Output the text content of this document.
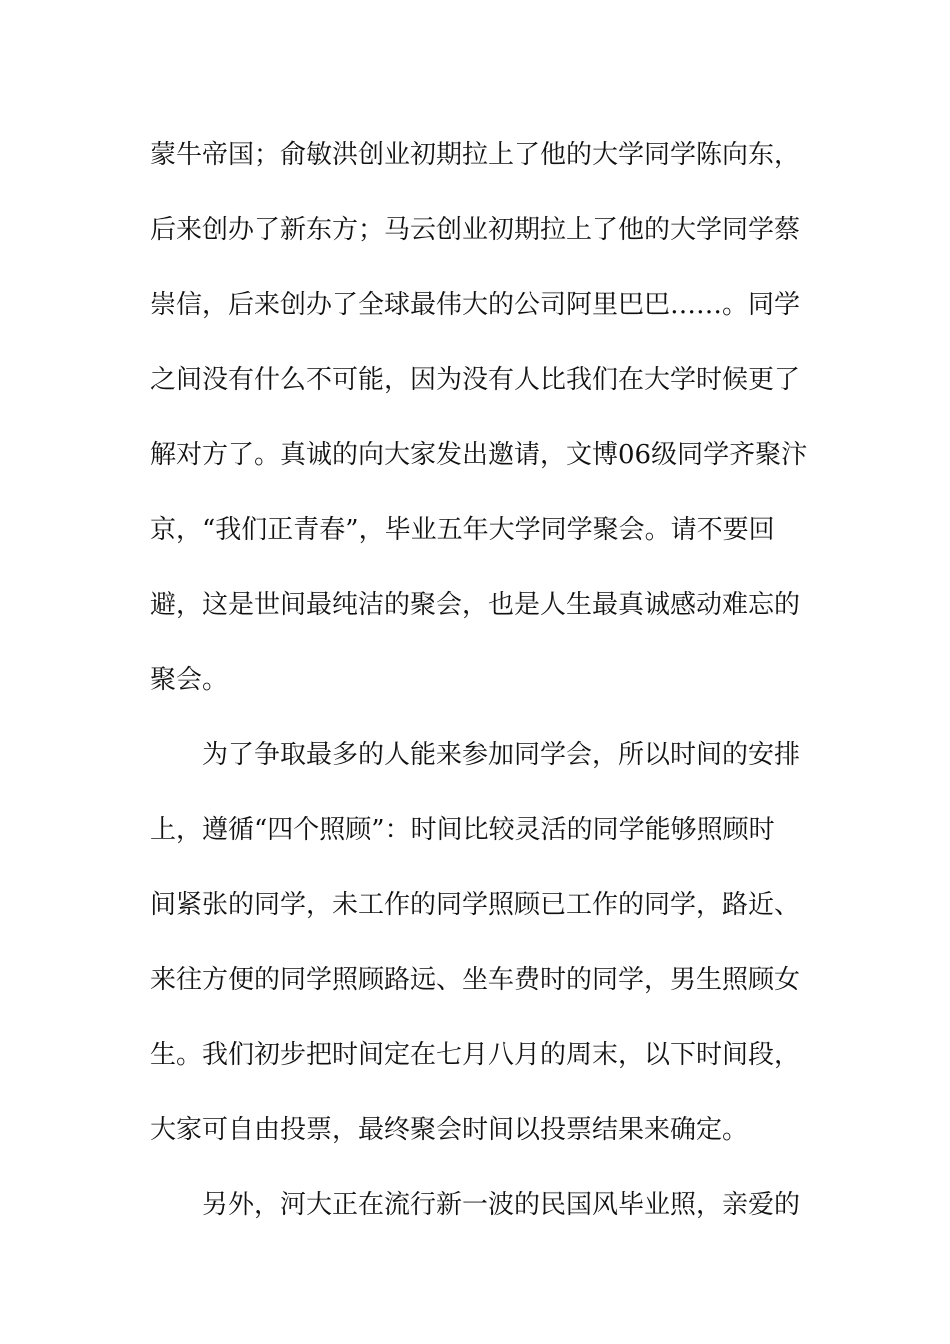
蒙牛帝国；俞敏洪创业初期拉上了他的大学同学陈向东，
后来创办了新东方；马云创业初期拉上了他的大学同学蔡
崇信，后来创办了全球最伟大的公司阿里巴巴……。同学
之间没有什么不可能，因为没有人比我们在大学时候更了
解对方了。真诚的向大家发出邀请，文博06级同学齐聚汴
京，“我们正青春”，毕业五年大学同学聚会。请不要回
避，这是世间最纯洁的聚会，也是人生最真诚感动难忘的
聚会。
为了争取最多的人能来参加同学会，所以时间的安排
上，遵循“四个照顾”：时间比较灵活的同学能够照顾时
间紧张的同学，未工作的同学照顾已工作的同学，路近、
来往方便的同学照顾路远、坐车费时的同学，男生照顾女
生。我们初步把时间定在七月八月的周末，以下时间段，
大家可自由投票，最终聚会时间以投票结果来确定。
另外，河大正在流行新一波的民国风毕业照，亲爱的
